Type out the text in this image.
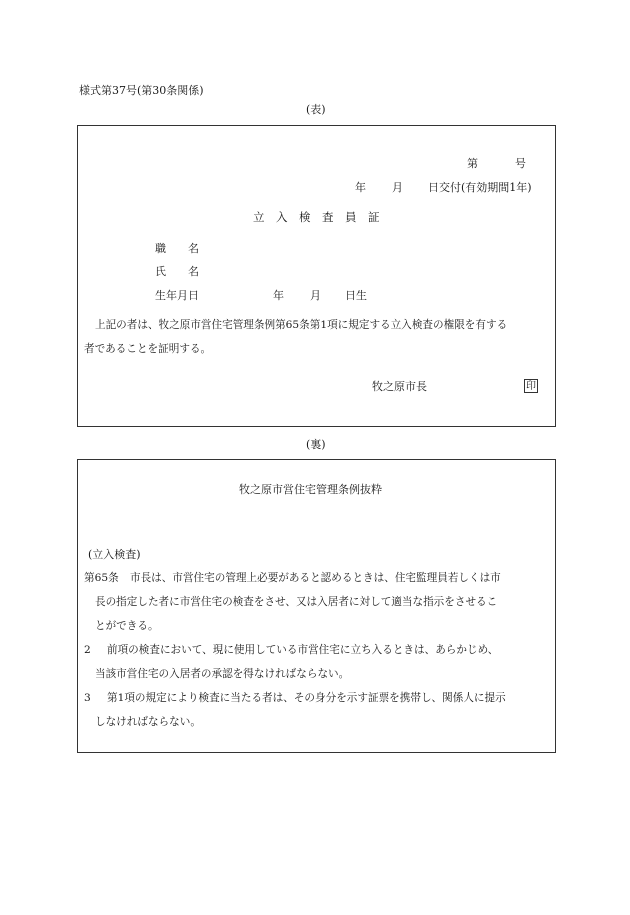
様式第37号(第30条関係)
(表)
第	号
年 月 日交付(有効期間1年)
立　入　検　査　員　証
職　　名
氏　　名
生年月日	年 月 日生
上記の者は、牧之原市営住宅管理条例第65条第1項に規定する立入検査の権限を有する
者であることを証明する。
牧之原市長	印
(裏)
牧之原市営住宅管理条例抜粋
(立入検査)
第65条 市長は、市営住宅の管理上必要があると認めるときは、住宅監理員若しくは市
長の指定した者に市営住宅の検査をさせ、又は入居者に対して適当な指示をさせるこ
とができる。
2 前項の検査において、現に使用している市営住宅に立ち入るときは、あらかじめ、
当該市営住宅の入居者の承認を得なければならない。
3 第1項の規定により検査に当たる者は、その身分を示す証票を携帯し、関係人に提示
しなければならない。
